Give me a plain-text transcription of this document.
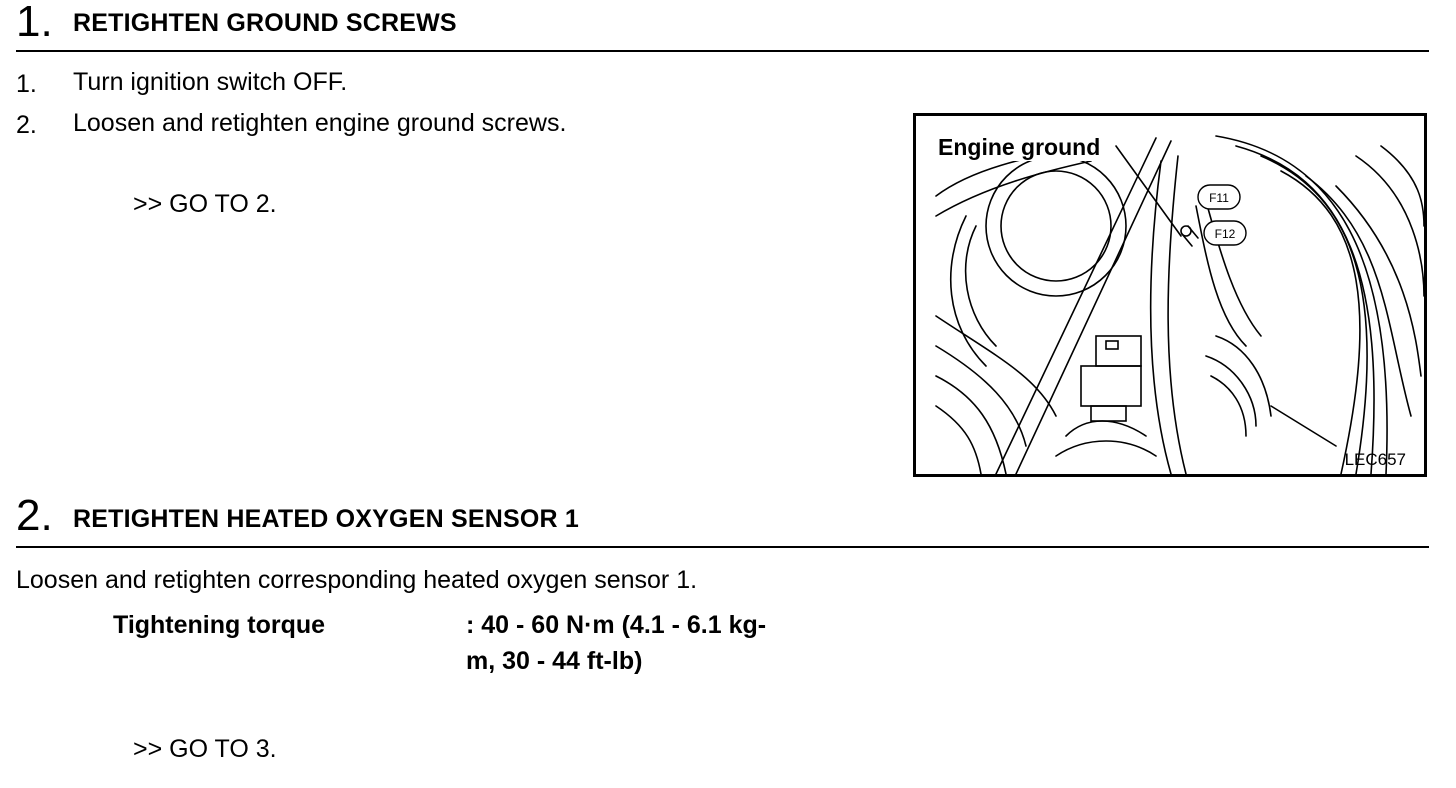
1. RETIGHTEN GROUND SCREWS
1. Turn ignition switch OFF.
2. Loosen and retighten engine ground screws.
>> GO TO 2.	F11
F12
Engine ground
LEC657
2. RETIGHTEN HEATED OXYGEN SENSOR 1
Loosen and retighten corresponding heated oxygen sensor 1.
Tightening torque	: 40 - 60 N·m (4.1 - 6.1 kg-
m, 30 - 44 ft-lb)
>> GO TO 3.
